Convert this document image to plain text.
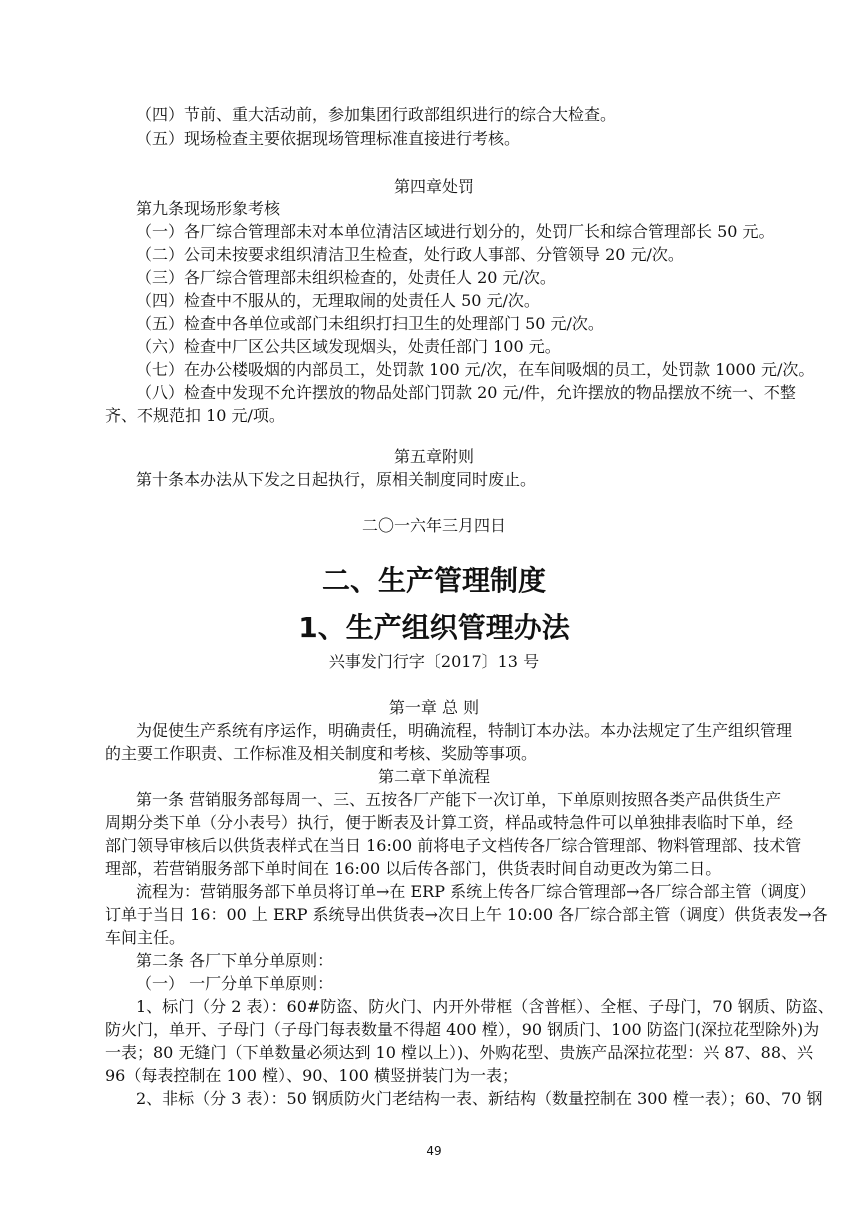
（四）节前、重大活动前，参加集团行政部组织进行的综合大检查。
（五）现场检查主要依据现场管理标准直接进行考核。
第四章处罚
第九条现场形象考核
（一）各厂综合管理部未对本单位清洁区域进行划分的，处罚厂长和综合管理部长 50 元。
（二）公司未按要求组织清洁卫生检查，处行政人事部、分管领导 20 元/次。
（三）各厂综合管理部未组织检查的，处责任人 20 元/次。
（四）检查中不服从的，无理取闹的处责任人 50 元/次。
（五）检查中各单位或部门未组织打扫卫生的处理部门 50 元/次。
（六）检查中厂区公共区域发现烟头，处责任部门 100 元。
（七）在办公楼吸烟的内部员工，处罚款 100 元/次，在车间吸烟的员工，处罚款 1000 元/次。
（八）检查中发现不允许摆放的物品处部门罚款 20 元/件，允许摆放的物品摆放不统一、不整
齐、不规范扣 10 元/项。
第五章附则
第十条本办法从下发之日起执行，原相关制度同时废止。
二〇一六年三月四日
二、生产管理制度
1、生产组织管理办法
兴事发门行字〔2017〕13 号
第一章 总 则
为促使生产系统有序运作，明确责任，明确流程，特制订本办法。本办法规定了生产组织管理
的主要工作职责、工作标准及相关制度和考核、奖励等事项。
第二章下单流程
第一条 营销服务部每周一、三、五按各厂产能下一次订单，下单原则按照各类产品供货生产
周期分类下单（分小表号）执行，便于断表及计算工资，样品或特急件可以单独排表临时下单，经
部门领导审核后以供货表样式在当日 16:00 前将电子文档传各厂综合管理部、物料管理部、技术管
理部，若营销服务部下单时间在 16:00 以后传各部门，供货表时间自动更改为第二日。
流程为：营销服务部下单员将订单→在 ERP 系统上传各厂综合管理部→各厂综合部主管（调度）
订单于当日 16：00 上 ERP 系统导出供货表→次日上午 10:00 各厂综合部主管（调度）供货表发→各
车间主任。
第二条 各厂下单分单原则：
（一） 一厂分单下单原则：
1、标门（分 2 表）：60#防盗、防火门、内开外带框（含普框）、全框、子母门，70 钢质、防盗、
防火门，单开、子母门（子母门每表数量不得超 400 樘），90 钢质门、100 防盗门(深拉花型除外)为
一表；80 无缝门（下单数量必须达到 10 樘以上）)、外购花型、贵族产品深拉花型：兴 87、88、兴
96（每表控制在 100 樘）、90、100 横竖拼装门为一表；
2、非标（分 3 表）：50 钢质防火门老结构一表、新结构（数量控制在 300 樘一表）；60、70 钢
49
